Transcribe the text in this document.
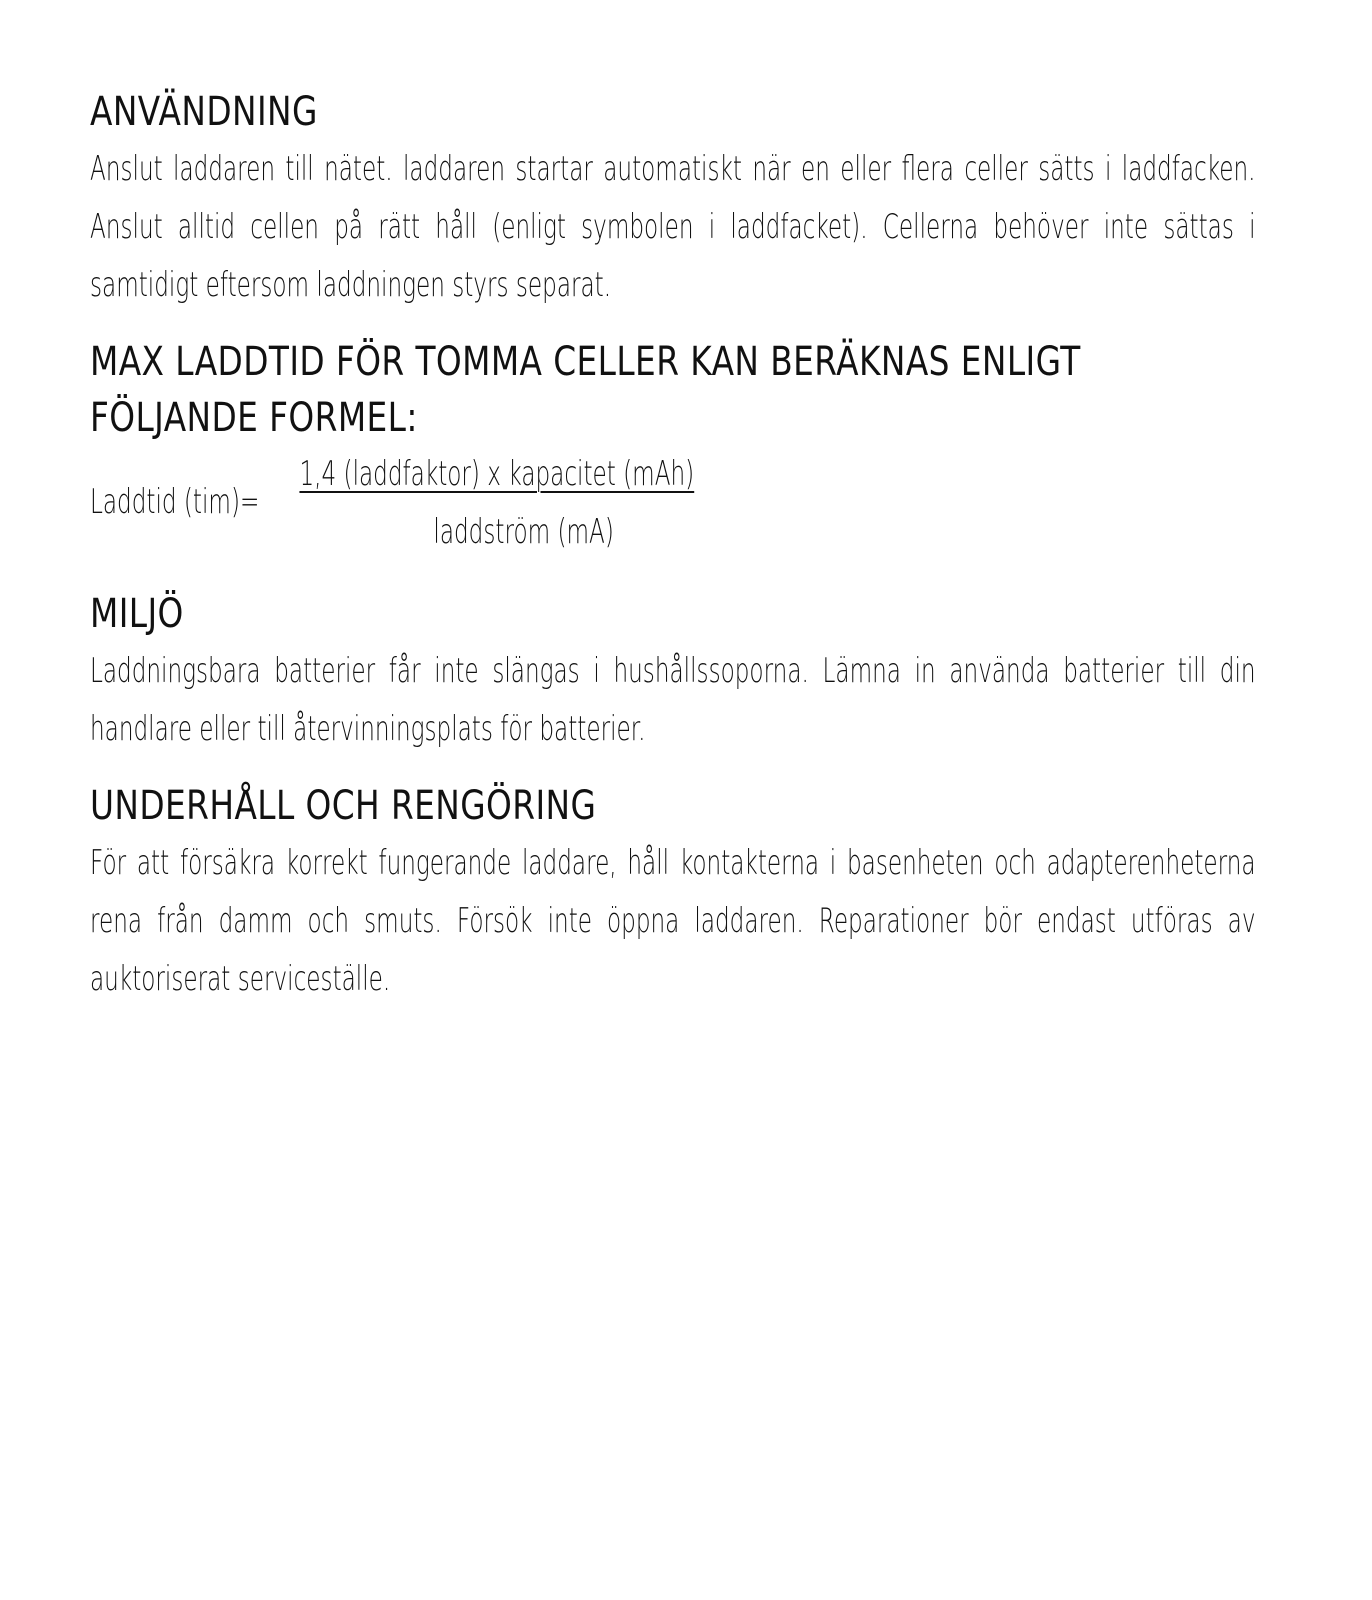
ANVÄNDNING

Anslut laddaren till nätet. laddaren startar automatiskt när en eller flera celler sätts i laddfacken. Anslut alltid cellen på rätt håll (enligt symbolen i laddfacket). Cellerna behöver inte sättas i samtidigt eftersom laddningen styrs separat.

MAX LADDTID FÖR TOMMA CELLER KAN BERÄKNAS ENLIGT FÖLJANDE FORMEL:
Laddtid (tim)=
1,4 (laddfaktor) x kapacitet (mAh)
laddström (mA)
MILJÖ

Laddningsbara batterier får inte slängas i hushållssoporna. Lämna in använda batterier till din handlare eller till återvinningsplats för batterier.

UNDERHÅLL OCH RENGÖRING

För att försäkra korrekt fungerande laddare, håll kontakterna i basenheten och adapterenheterna rena från damm och smuts. Försök inte öppna laddaren. Reparationer bör endast utföras av auktoriserat serviceställe.
